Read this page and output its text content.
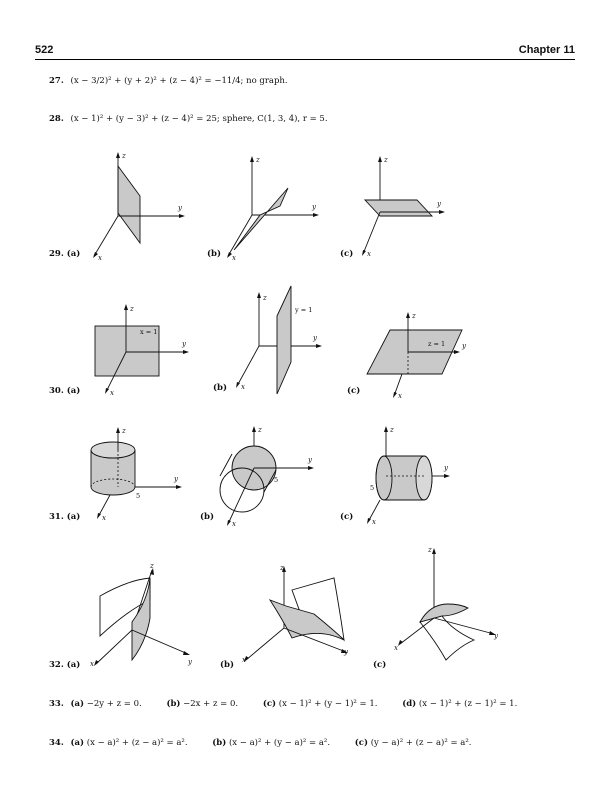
522	Chapter 11
27. (x − 3/2)² + (y + 2)² + (z − 4)² = −11/4; no graph.
28. (x − 1)² + (y − 3)² + (z − 4)² = 25; sphere, C(1, 3, 4), r = 5.
29. (a)	(b)	(c)
z
y
x
z
y
x
z
y
x
30. (a)	(b)	(c)
z
y
x
x = 1
z
y
x
y = 1
z
y
x
z = 1
31. (a)	(b)	(c)
z
y
x
5
z
y
x
5
z
y
x
5
32. (a)	(b)	(c)
z
y
x
z
y
x
z
y
x
33. (a) −2y + z = 0.	(b) −2x + z = 0.	(c) (x − 1)² + (y − 1)² = 1.	(d) (x − 1)² + (z − 1)² = 1.
34. (a) (x − a)² + (z − a)² = a².	(b) (x − a)² + (y − a)² = a².	(c) (y − a)² + (z − a)² = a².
